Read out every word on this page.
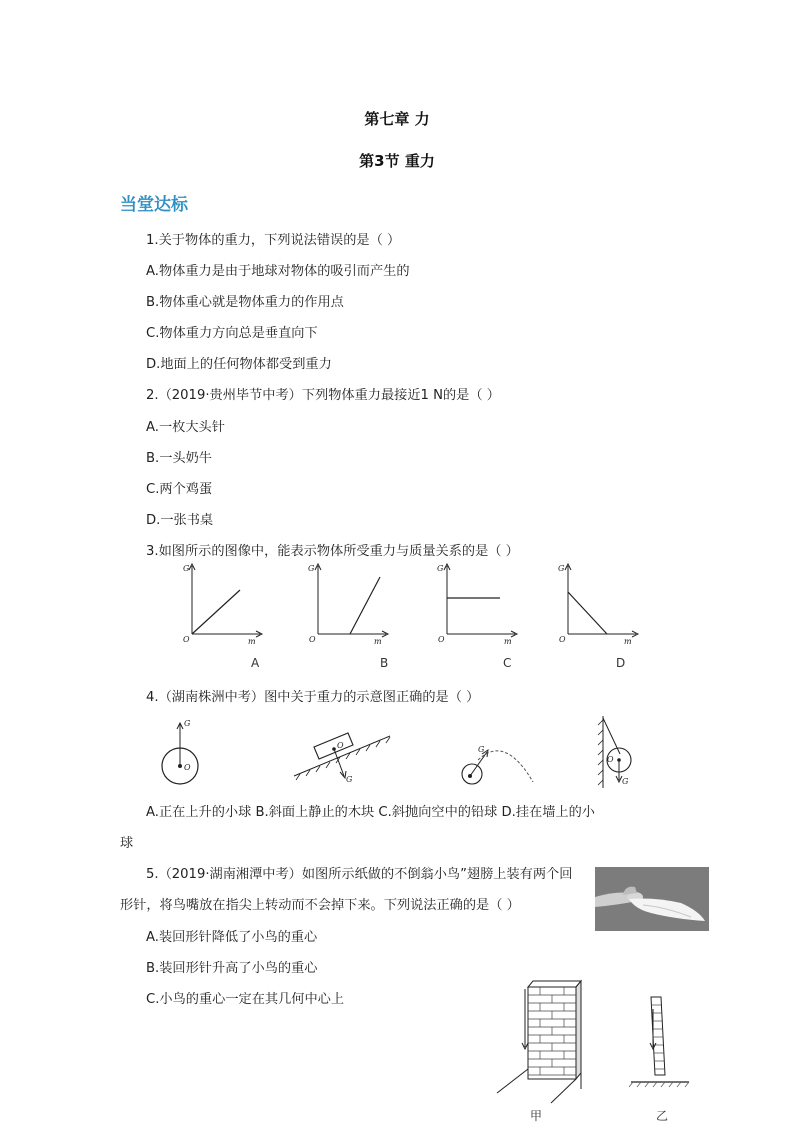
第七章 力
第3节 重力
当堂达标
1.关于物体的重力，下列说法错误的是（ ）
A.物体重力是由于地球对物体的吸引而产生的
B.物体重心就是物体重力的作用点
C.物体重力方向总是垂直向下
D.地面上的任何物体都受到重力
2.（2019·贵州毕节中考）下列物体重力最接近1 N的是（ ）
A.一枚大头针
B.一头奶牛
C.两个鸡蛋
D.一张书桌
3.如图所示的图像中，能表示物体所受重力与质量关系的是（ ）
G
O	m
G
O	m
G
O	m
G
O	m
A	B	C	D
4.（湖南株洲中考）图中关于重力的示意图正确的是（ ）
G
O
O
G
G
O
G
A.正在上升的小球 B.斜面上静止的木块 C.斜抛向空中的铅球 D.挂在墙上的小
球
5.（2019·湖南湘潭中考）如图所示纸做的不倒翁小鸟”翅膀上装有两个回
形针，将鸟嘴放在指尖上转动而不会掉下来。下列说法正确的是（ ）
A.装回形针降低了小鸟的重心
B.装回形针升高了小鸟的重心
C.小鸟的重心一定在其几何中心上
甲	乙
